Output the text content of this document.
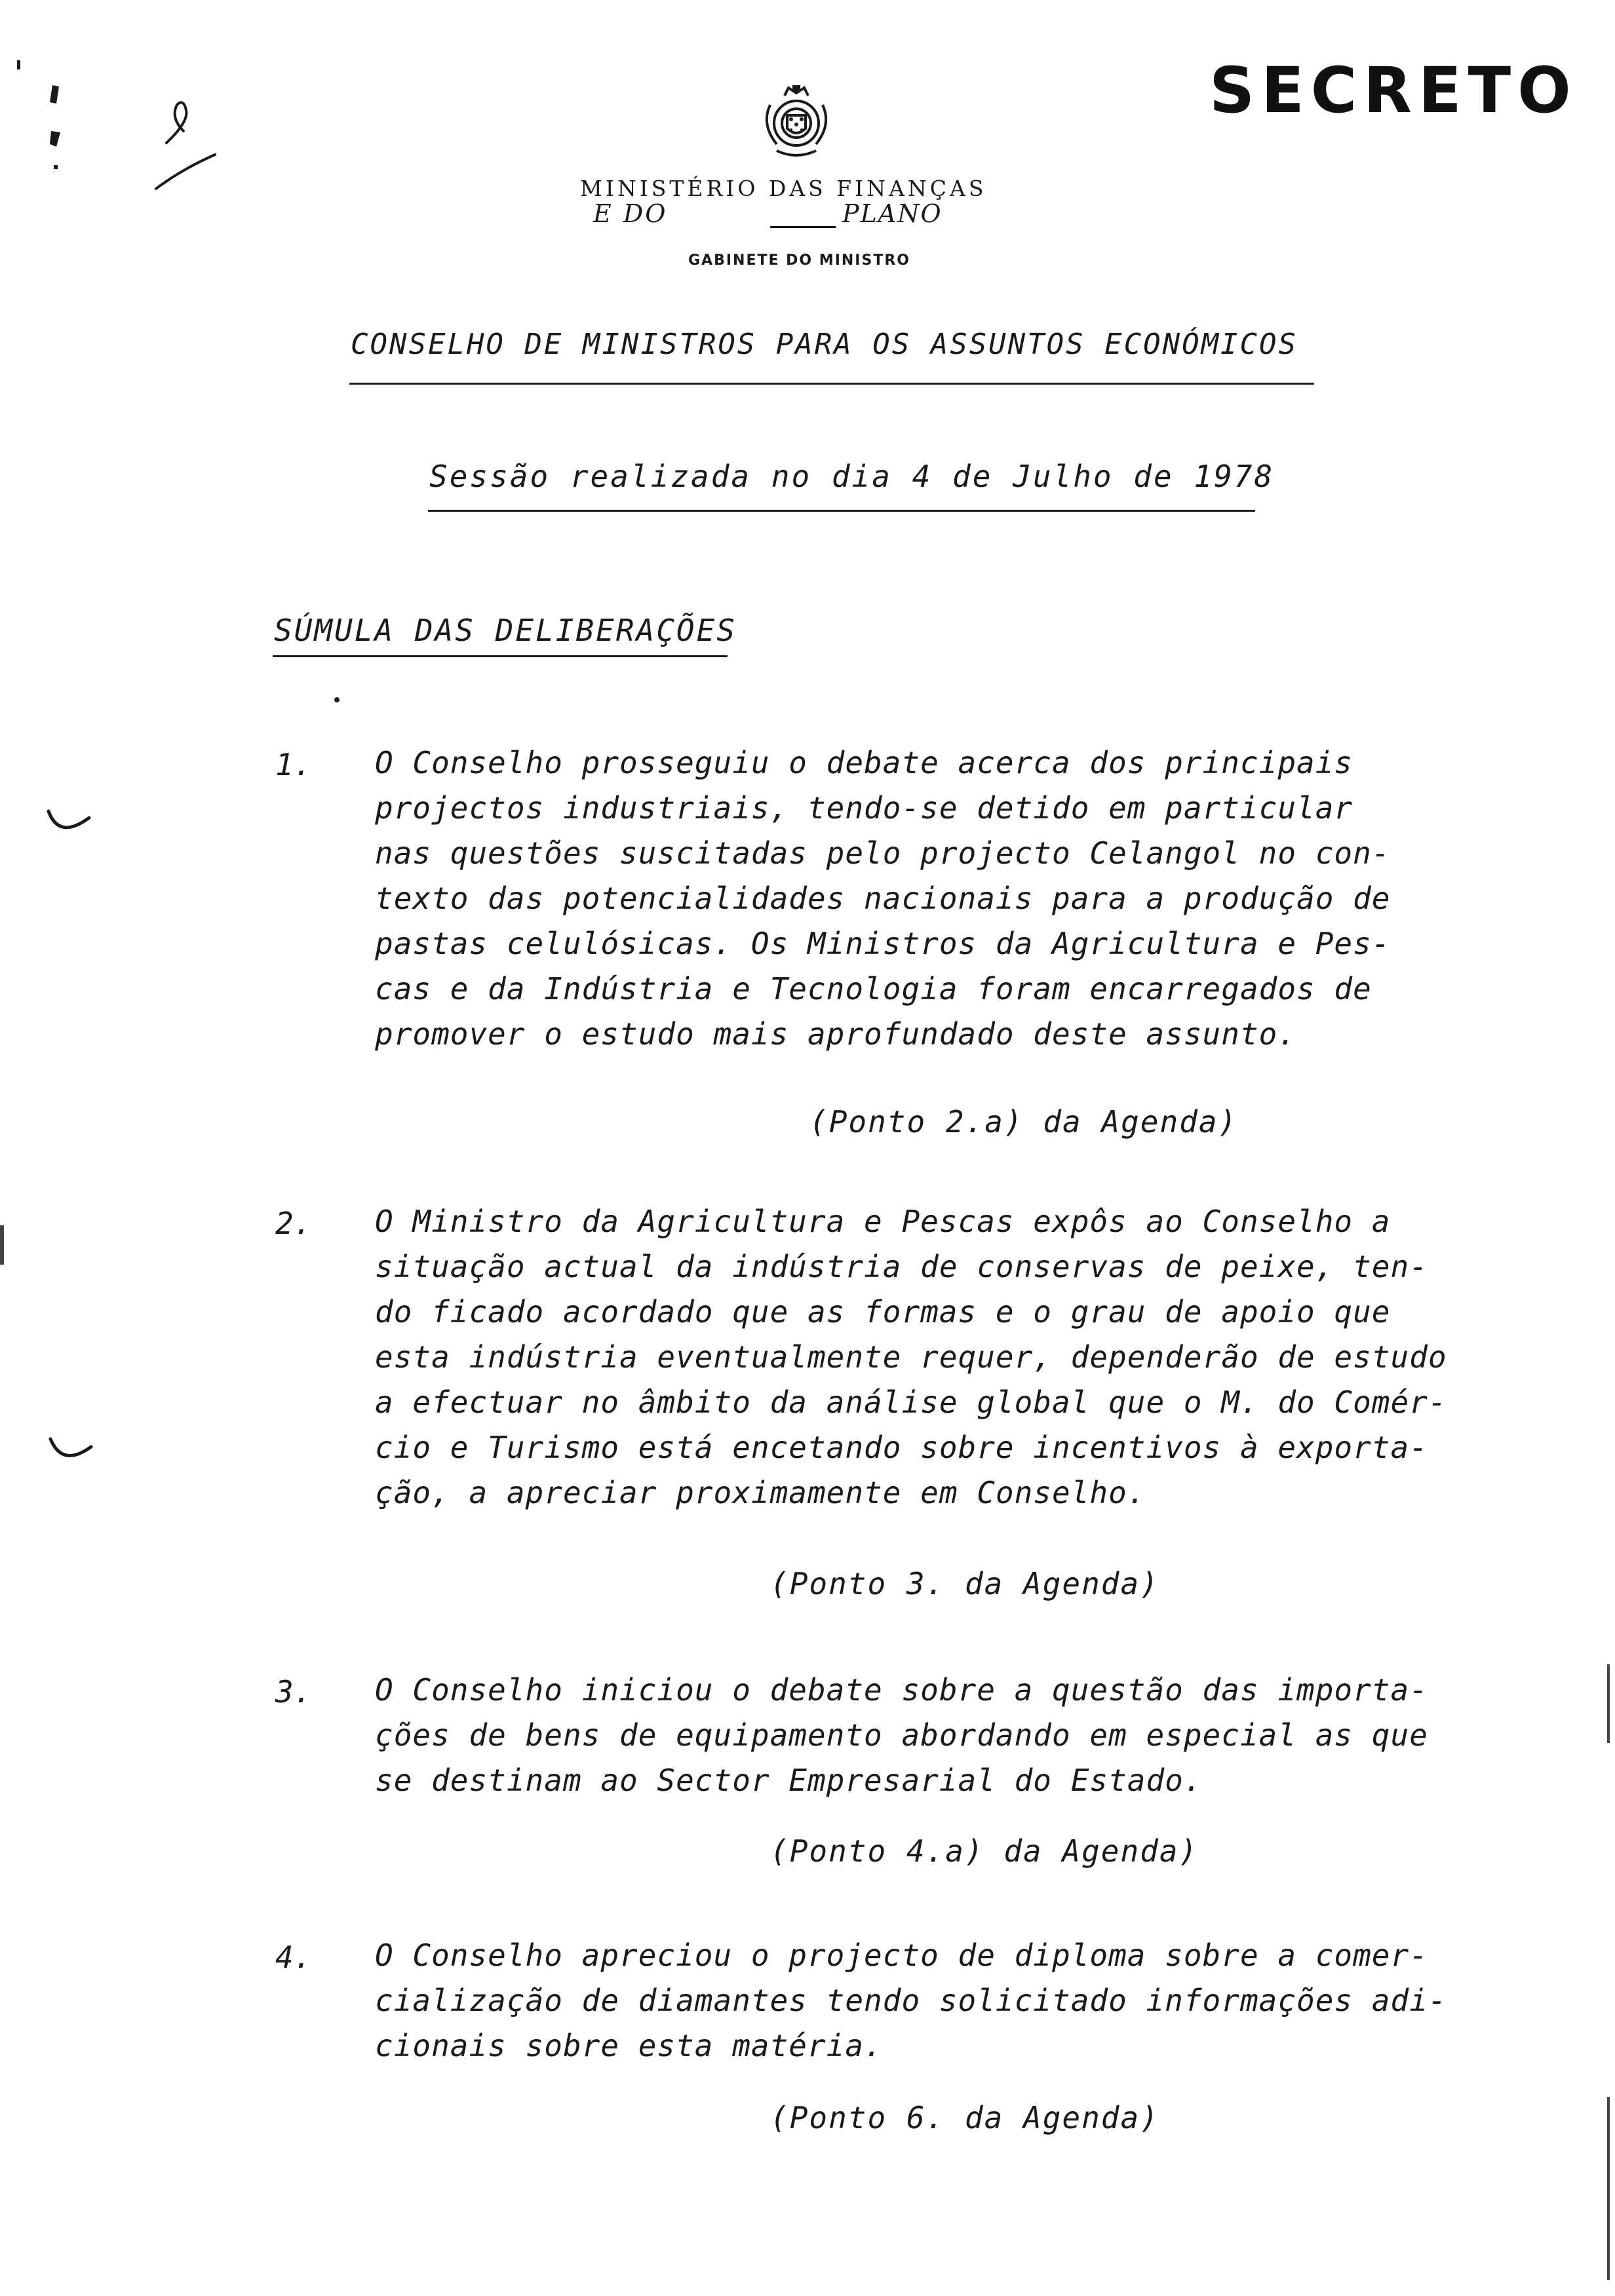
SECRETO
MINISTÉRIO DAS FINANÇAS
E DO	PLANO
GABINETE DO MINISTRO
CONSELHO DE MINISTROS PARA OS ASSUNTOS ECONÓMICOS
Sessão realizada no dia 4 de Julho de 1978
SÚMULA DAS DELIBERAÇÕES
1. O Conselho prosseguiu o debate acerca dos principais
projectos industriais, tendo-se detido em particular
nas questões suscitadas pelo projecto Celangol no con-
texto das potencialidades nacionais para a produção de
pastas celulósicas. Os Ministros da Agricultura e Pes-
cas e da Indústria e Tecnologia foram encarregados de
promover o estudo mais aprofundado deste assunto.
(Ponto 2.a) da Agenda)
2. O Ministro da Agricultura e Pescas expôs ao Conselho a
situação actual da indústria de conservas de peixe, ten-
do ficado acordado que as formas e o grau de apoio que
esta indústria eventualmente requer, dependerão de estudo
a efectuar no âmbito da análise global que o M. do Comér-
cio e Turismo está encetando sobre incentivos à exporta-
ção, a apreciar proximamente em Conselho.
(Ponto 3. da Agenda)
3. O Conselho iniciou o debate sobre a questão das importa-
ções de bens de equipamento abordando em especial as que
se destinam ao Sector Empresarial do Estado.
(Ponto 4.a) da Agenda)
4. O Conselho apreciou o projecto de diploma sobre a comer-
cialização de diamantes tendo solicitado informações adi-
cionais sobre esta matéria.
(Ponto 6. da Agenda)
